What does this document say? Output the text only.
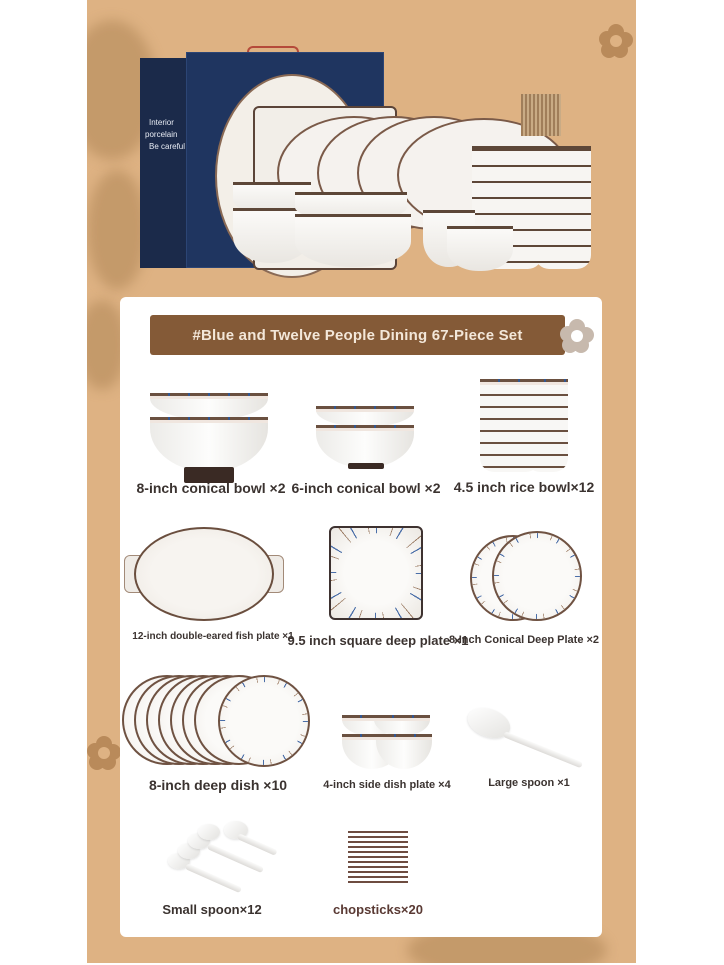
Interior
porcelain
Be careful
#Blue and Twelve People Dining 67-Piece Set
8-inch conical bowl ×2 6-inch conical bowl ×2 4.5 inch rice bowl×12
12-inch double-eared fish plate ×1
9.5 inch square deep plate ×1
8-Inch Conical Deep Plate ×2
8-inch deep dish ×10	4-inch side dish plate ×4	Large spoon ×1
Small spoon×12	chopsticks×20
